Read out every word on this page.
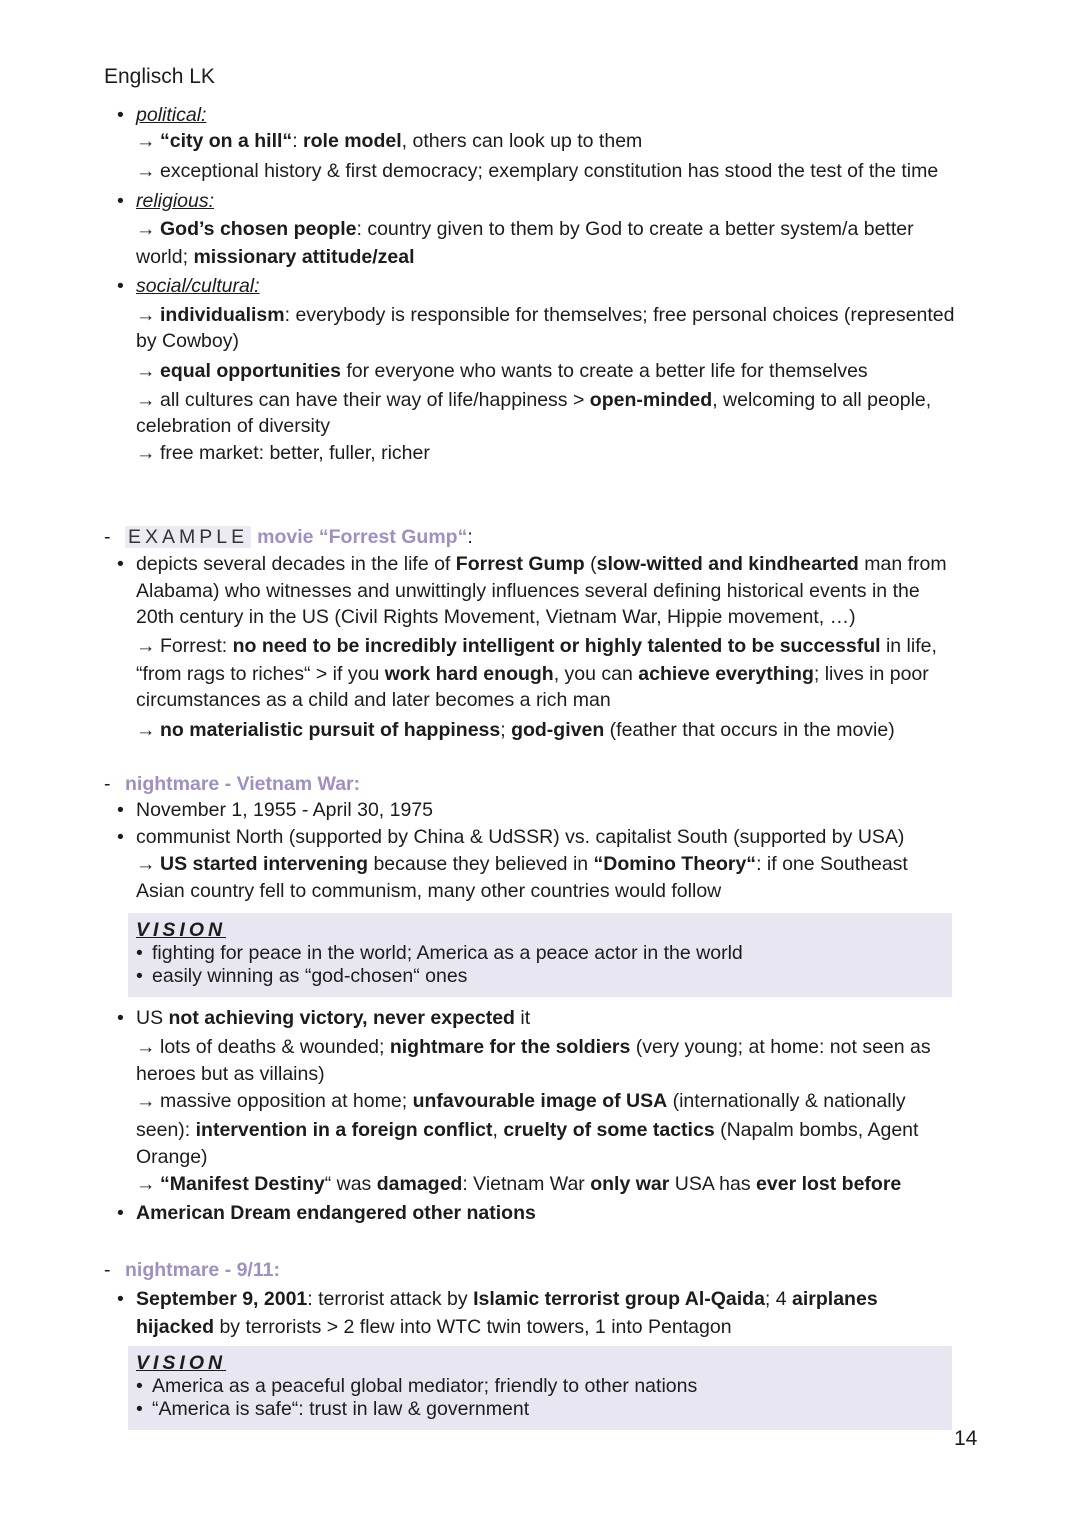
Englisch LK
• political:
→ “city on a hill“: role model, others can look up to them
→ exceptional history & first democracy; exemplary constitution has stood the test of the time
• religious:
→ God’s chosen people: country given to them by God to create a better system/a better
world; missionary attitude/zeal
• social/cultural:
→ individualism: everybody is responsible for themselves; free personal choices (represented
by Cowboy)
→ equal opportunities for everyone who wants to create a better life for themselves
→ all cultures can have their way of life/happiness > open-minded, welcoming to all people,
celebration of diversity
→ free market: better, fuller, richer
- EXAMPLE movie “Forrest Gump“:
• depicts several decades in the life of Forrest Gump (slow-witted and kindhearted man from
Alabama) who witnesses and unwittingly influences several defining historical events in the
20th century in the US (Civil Rights Movement, Vietnam War, Hippie movement, …)
→ Forrest: no need to be incredibly intelligent or highly talented to be successful in life,
“from rags to riches“ > if you work hard enough, you can achieve everything; lives in poor
circumstances as a child and later becomes a rich man
→ no materialistic pursuit of happiness; god-given (feather that occurs in the movie)
- nightmare - Vietnam War:
• November 1, 1955 - April 30, 1975
• communist North (supported by China & UdSSR) vs. capitalist South (supported by USA)
→ US started intervening because they believed in “Domino Theory“: if one Southeast
Asian country fell to communism, many other countries would follow
VISION
• fighting for peace in the world; America as a peace actor in the world
• easily winning as “god-chosen“ ones
• US not achieving victory, never expected it
→ lots of deaths & wounded; nightmare for the soldiers (very young; at home: not seen as
heroes but as villains)
→ massive opposition at home; unfavourable image of USA (internationally & nationally
seen): intervention in a foreign conflict, cruelty of some tactics (Napalm bombs, Agent
Orange)
→ “Manifest Destiny“ was damaged: Vietnam War only war USA has ever lost before
• American Dream endangered other nations
- nightmare - 9/11:
• September 9, 2001: terrorist attack by Islamic terrorist group Al-Qaida; 4 airplanes
hijacked by terrorists > 2 flew into WTC twin towers, 1 into Pentagon
VISION
• America as a peaceful global mediator; friendly to other nations
• “America is safe“: trust in law & government
14
